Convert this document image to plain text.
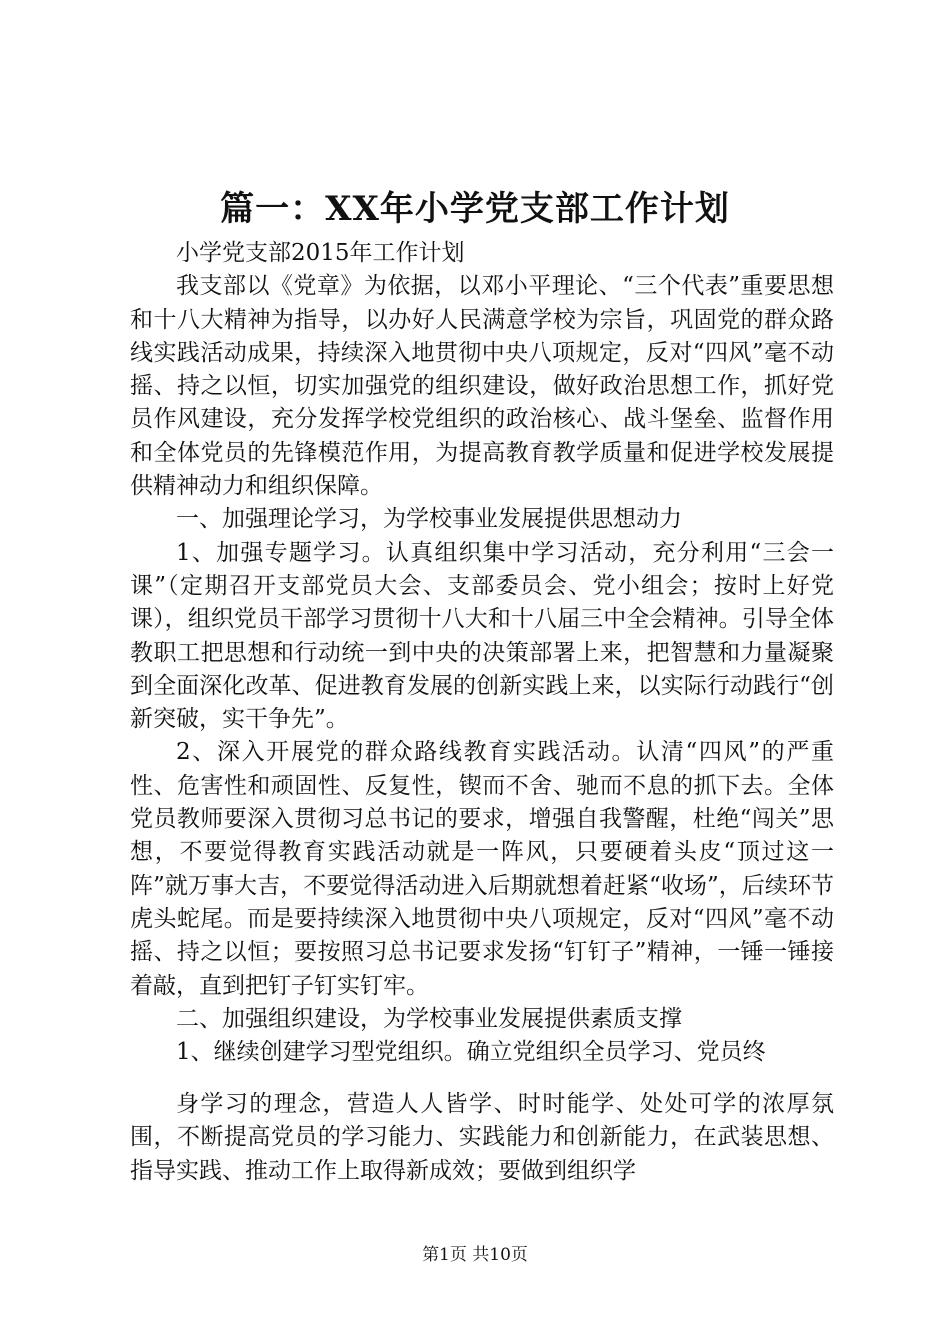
篇一：XX年小学党支部工作计划

小学党支部2015年工作计划

我支部以《党章》为依据，以邓小平理论、“三个代表”重要思想和十八大精神为指导，以办好人民满意学校为宗旨，巩固党的群众路线实践活动成果，持续深入地贯彻中央八项规定，反对“四风”毫不动摇、持之以恒，切实加强党的组织建设，做好政治思想工作，抓好党员作风建设，充分发挥学校党组织的政治核心、战斗堡垒、监督作用和全体党员的先锋模范作用，为提高教育教学质量和促进学校发展提供精神动力和组织保障。

一、加强理论学习，为学校事业发展提供思想动力

1、加强专题学习。认真组织集中学习活动，充分利用“三会一课”（定期召开支部党员大会、支部委员会、党小组会；按时上好党课），组织党员干部学习贯彻十八大和十八届三中全会精神。引导全体教职工把思想和行动统一到中央的决策部署上来，把智慧和力量凝聚到全面深化改革、促进教育发展的创新实践上来，以实际行动践行“创新突破，实干争先”。

2、深入开展党的群众路线教育实践活动。认清“四风”的严重性、危害性和顽固性、反复性，锲而不舍、驰而不息的抓下去。全体党员教师要深入贯彻习总书记的要求，增强自我警醒，杜绝“闯关”思想，不要觉得教育实践活动就是一阵风，只要硬着头皮“顶过这一阵”就万事大吉，不要觉得活动进入后期就想着赶紧“收场”，后续环节虎头蛇尾。而是要持续深入地贯彻中央八项规定，反对“四风”毫不动摇、持之以恒；要按照习总书记要求发扬“钉钉子”精神，一锤一锤接着敲，直到把钉子钉实钉牢。

二、加强组织建设，为学校事业发展提供素质支撑

1、继续创建学习型党组织。确立党组织全员学习、党员终

身学习的理念，营造人人皆学、时时能学、处处可学的浓厚氛围，不断提高党员的学习能力、实践能力和创新能力，在武装思想、指导实践、推动工作上取得新成效；要做到组织学

第1页 共10页
